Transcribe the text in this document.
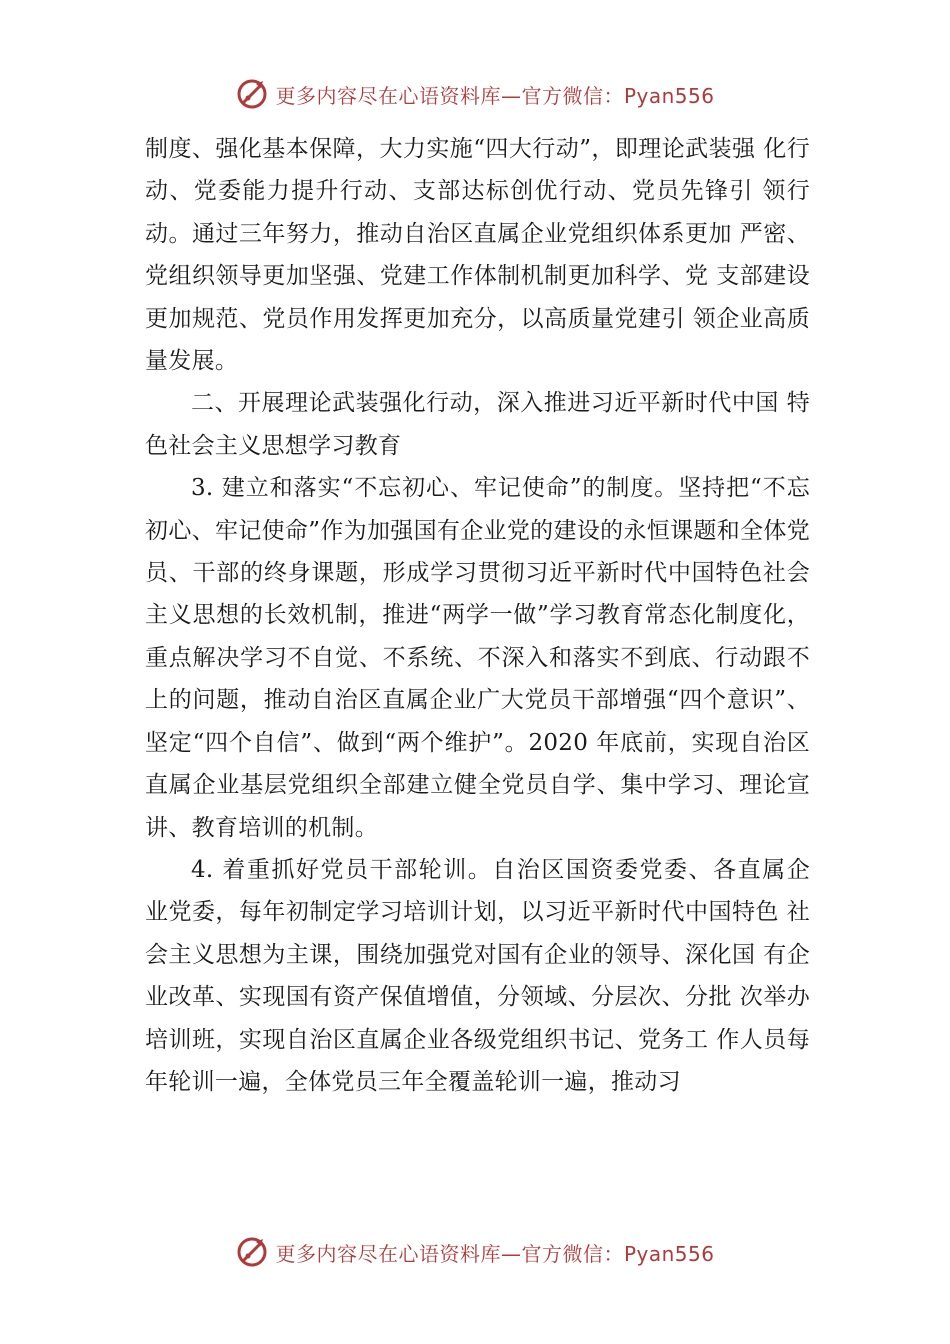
更多内容尽在心语资料库—官方微信：Pyan556

制度、强化基本保障，大力实施“四大行动”，即理论武装强 化行动、党委能力提升行动、支部达标创优行动、党员先锋引 领行动。通过三年努力，推动自治区直属企业党组织体系更加 严密、党组织领导更加坚强、党建工作体制机制更加科学、党 支部建设更加规范、党员作用发挥更加充分，以高质量党建引 领企业高质量发展。

二、开展理论武装强化行动，深入推进习近平新时代中国 特色社会主义思想学习教育

3. 建立和落实“不忘初心、牢记使命”的制度。坚持把“不忘初心、牢记使命”作为加强国有企业党的建设的永恒课题和全体党员、干部的终身课题，形成学习贯彻习近平新时代中国特色社会主义思想的长效机制，推进“两学一做”学习教育常态化制度化，重点解决学习不自觉、不系统、不深入和落实不到底、行动跟不上的问题，推动自治区直属企业广大党员干部增强“四个意识”、坚定“四个自信”、做到“两个维护”。2020 年底前，实现自治区直属企业基层党组织全部建立健全党员自学、集中学习、理论宣讲、教育培训的机制。

4. 着重抓好党员干部轮训。自治区国资委党委、各直属企 业党委，每年初制定学习培训计划，以习近平新时代中国特色 社会主义思想为主课，围绕加强党对国有企业的领导、深化国 有企业改革、实现国有资产保值增值，分领域、分层次、分批 次举办培训班，实现自治区直属企业各级党组织书记、党务工 作人员每年轮训一遍，全体党员三年全覆盖轮训一遍，推动习

更多内容尽在心语资料库—官方微信：Pyan556
